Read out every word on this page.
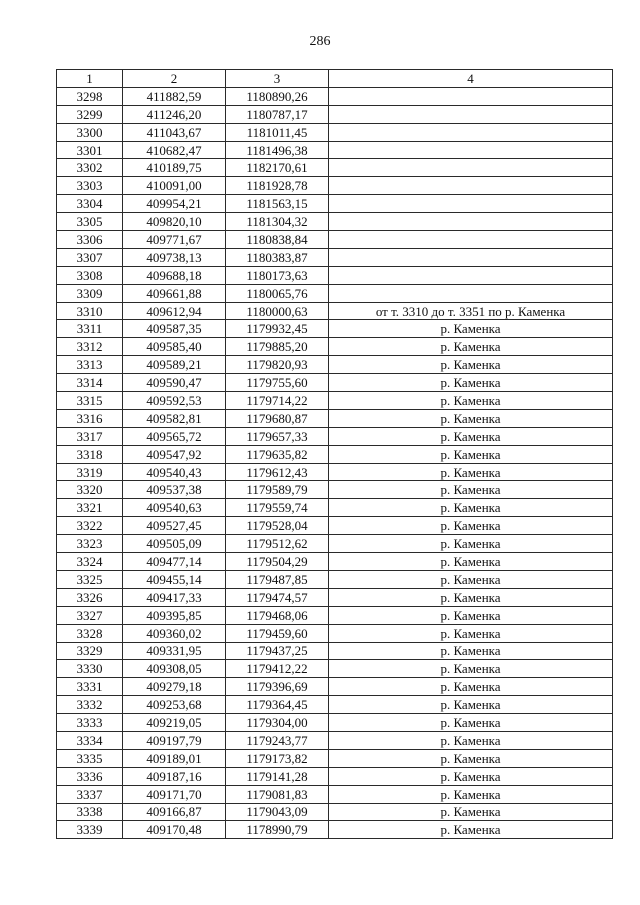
286
1	2	3	4
3298	411882,59	1180890,26	
3299	411246,20	1180787,17	
3300	411043,67	1181011,45	
3301	410682,47	1181496,38	
3302	410189,75	1182170,61	
3303	410091,00	1181928,78	
3304	409954,21	1181563,15	
3305	409820,10	1181304,32	
3306	409771,67	1180838,84	
3307	409738,13	1180383,87	
3308	409688,18	1180173,63	
3309	409661,88	1180065,76	
3310	409612,94	1180000,63	от т. 3310 до т. 3351 по р. Каменка
3311	409587,35	1179932,45	р. Каменка
3312	409585,40	1179885,20	р. Каменка
3313	409589,21	1179820,93	р. Каменка
3314	409590,47	1179755,60	р. Каменка
3315	409592,53	1179714,22	р. Каменка
3316	409582,81	1179680,87	р. Каменка
3317	409565,72	1179657,33	р. Каменка
3318	409547,92	1179635,82	р. Каменка
3319	409540,43	1179612,43	р. Каменка
3320	409537,38	1179589,79	р. Каменка
3321	409540,63	1179559,74	р. Каменка
3322	409527,45	1179528,04	р. Каменка
3323	409505,09	1179512,62	р. Каменка
3324	409477,14	1179504,29	р. Каменка
3325	409455,14	1179487,85	р. Каменка
3326	409417,33	1179474,57	р. Каменка
3327	409395,85	1179468,06	р. Каменка
3328	409360,02	1179459,60	р. Каменка
3329	409331,95	1179437,25	р. Каменка
3330	409308,05	1179412,22	р. Каменка
3331	409279,18	1179396,69	р. Каменка
3332	409253,68	1179364,45	р. Каменка
3333	409219,05	1179304,00	р. Каменка
3334	409197,79	1179243,77	р. Каменка
3335	409189,01	1179173,82	р. Каменка
3336	409187,16	1179141,28	р. Каменка
3337	409171,70	1179081,83	р. Каменка
3338	409166,87	1179043,09	р. Каменка
3339	409170,48	1178990,79	р. Каменка
